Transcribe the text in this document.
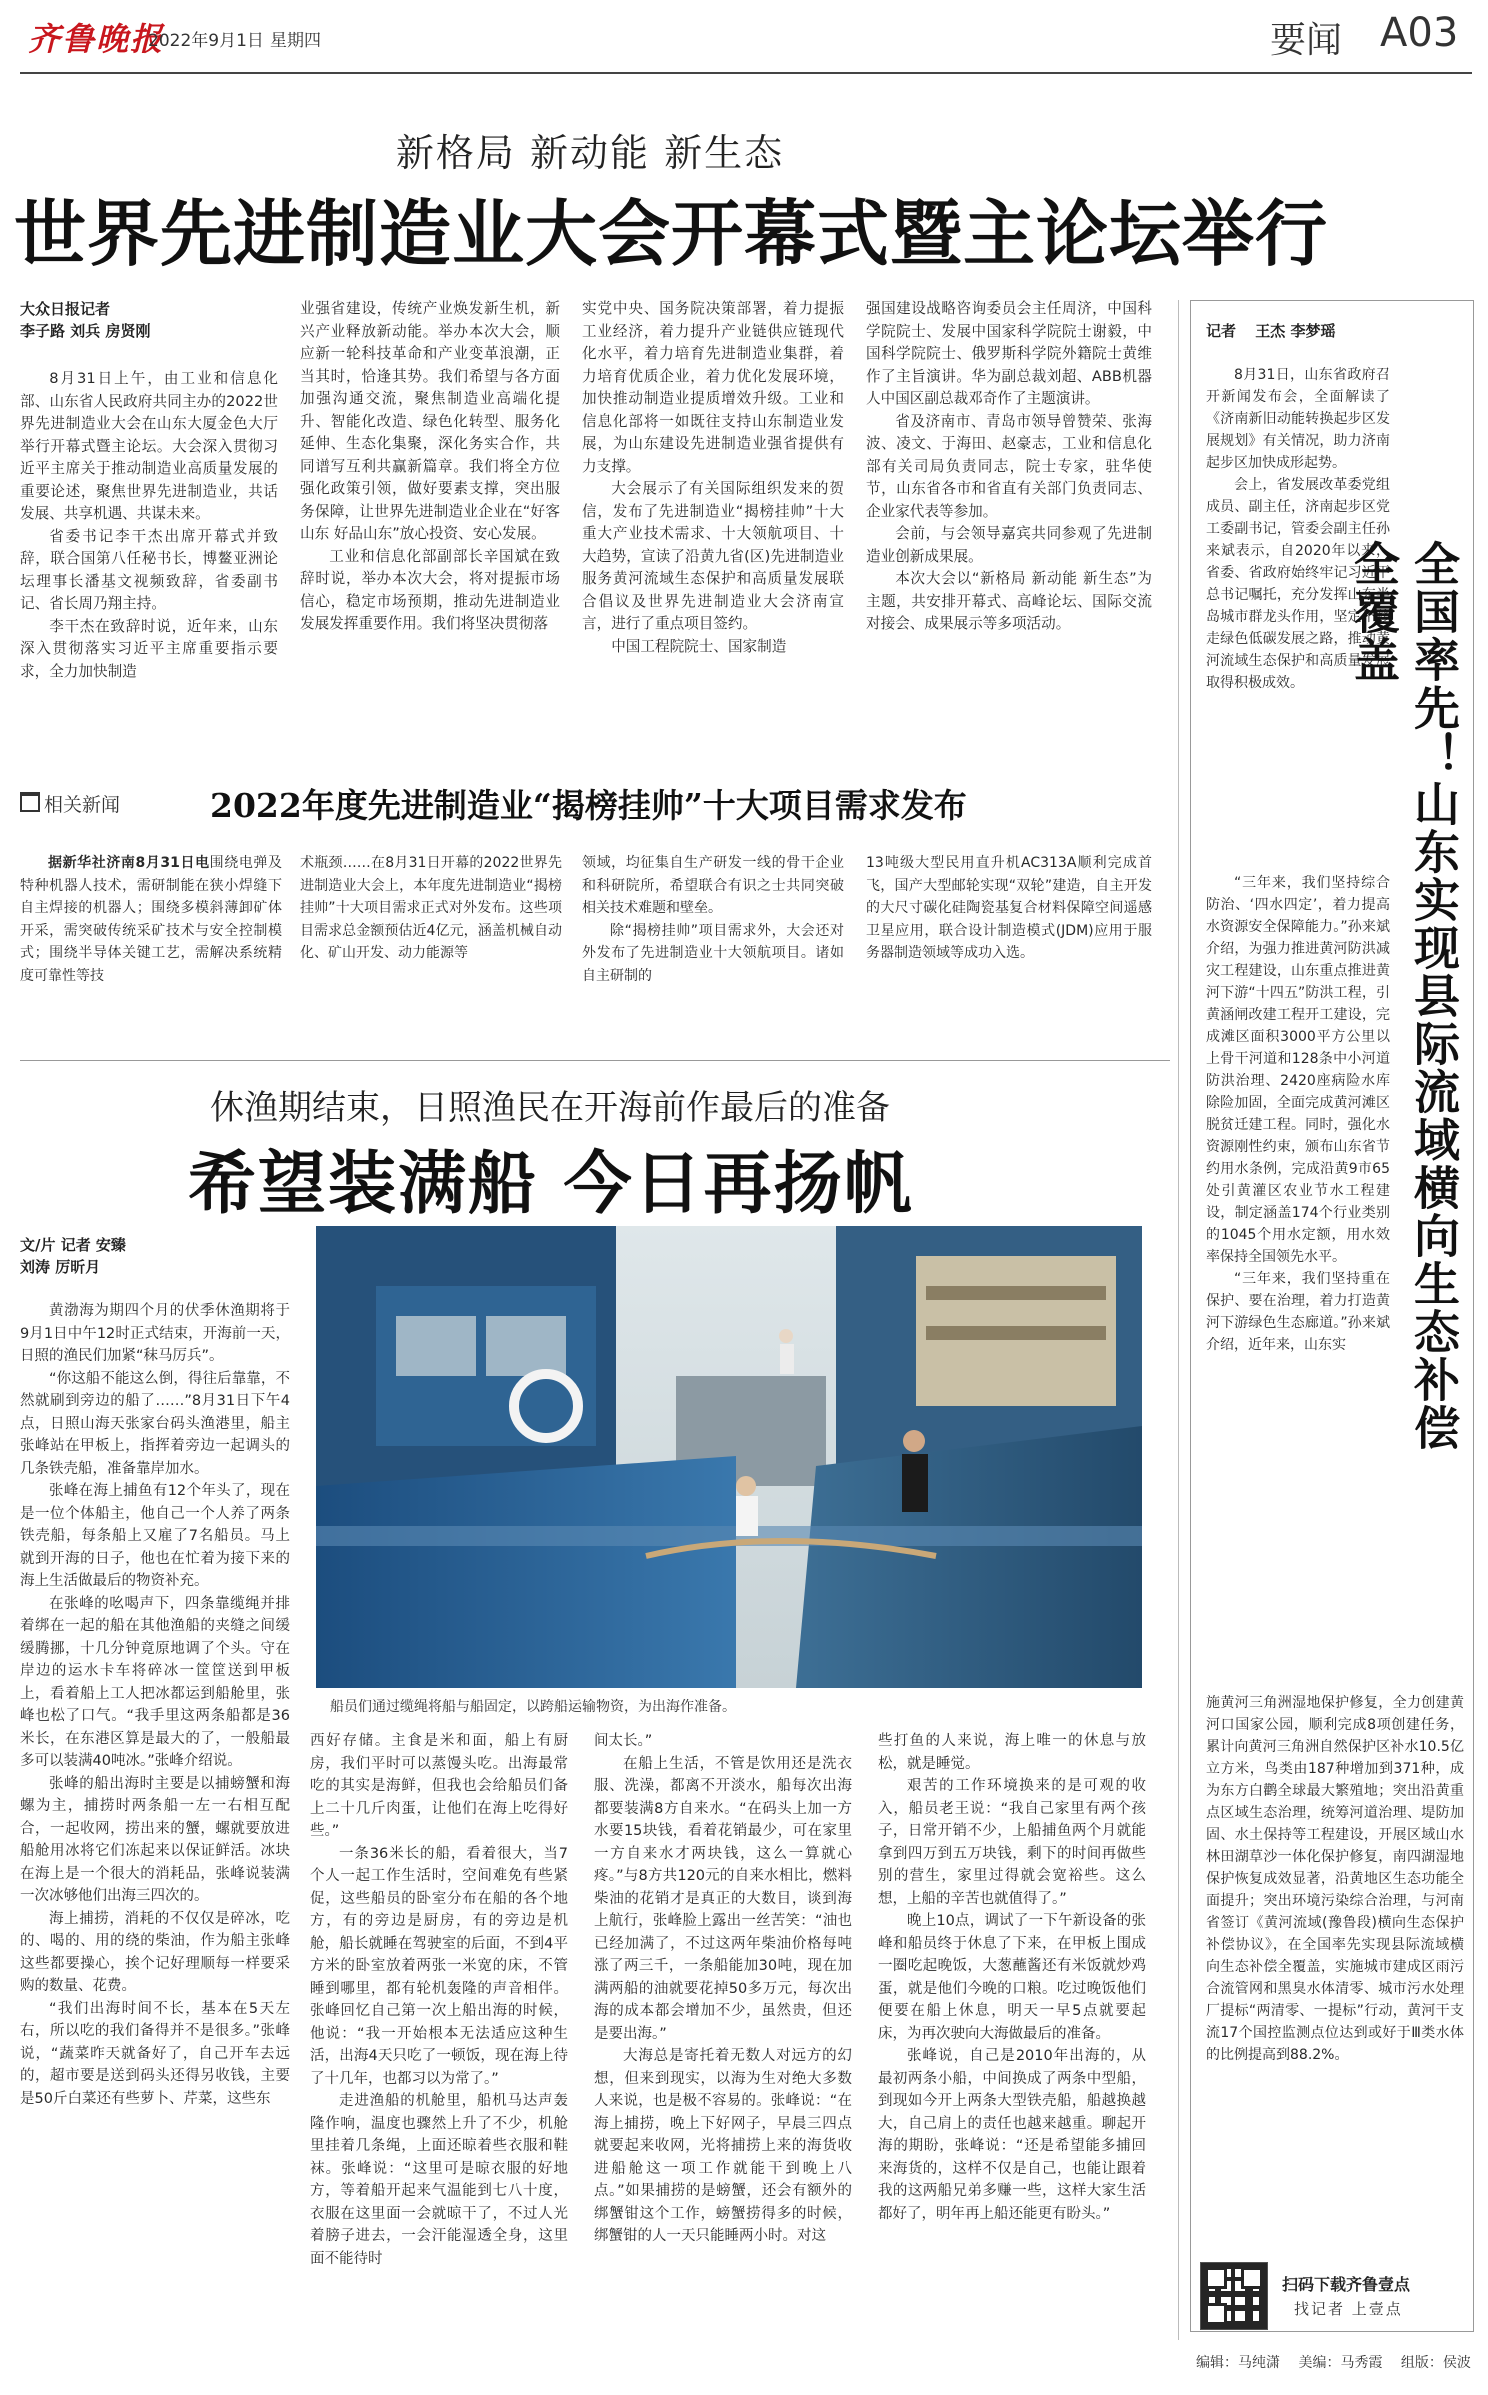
齐鲁晚报
2022年9月1日 星期四	要闻 A03
新格局 新动能 新生态
世界先进制造业大会开幕式暨主论坛举行
大众日报记者
李子路 刘兵 房贤刚

8月31日上午，由工业和信息化部、山东省人民政府共同主办的2022世界先进制造业大会在山东大厦金色大厅举行开幕式暨主论坛。大会深入贯彻习近平主席关于推动制造业高质量发展的重要论述，聚焦世界先进制造业，共话发展、共享机遇、共谋未来。

省委书记李干杰出席开幕式并致辞，联合国第八任秘书长，博鳌亚洲论坛理事长潘基文视频致辞，省委副书记、省长周乃翔主持。

李干杰在致辞时说，近年来，山东深入贯彻落实习近平主席重要指示要求，全力加快制造

业强省建设，传统产业焕发新生机，新兴产业释放新动能。举办本次大会，顺应新一轮科技革命和产业变革浪潮，正当其时，恰逢其势。我们希望与各方面加强沟通交流，聚焦制造业高端化提升、智能化改造、绿色化转型、服务化延伸、生态化集聚，深化务实合作，共同谱写互利共赢新篇章。我们将全方位强化政策引领，做好要素支撑，突出服务保障，让世界先进制造业企业在“好客山东 好品山东”放心投资、安心发展。

工业和信息化部副部长辛国斌在致辞时说，举办本次大会，将对提振市场信心，稳定市场预期，推动先进制造业发展发挥重要作用。我们将坚决贯彻落

实党中央、国务院决策部署，着力提振工业经济，着力提升产业链供应链现代化水平，着力培育先进制造业集群，着力培育优质企业，着力优化发展环境，加快推动制造业提质增效升级。工业和信息化部将一如既往支持山东制造业发展，为山东建设先进制造业强省提供有力支撑。

大会展示了有关国际组织发来的贺信，发布了先进制造业“揭榜挂帅”十大重大产业技术需求、十大领航项目、十大趋势，宣读了沿黄九省(区)先进制造业服务黄河流域生态保护和高质量发展联合倡议及世界先进制造业大会济南宣言，进行了重点项目签约。

中国工程院院士、国家制造

强国建设战略咨询委员会主任周济，中国科学院院士、发展中国家科学院院士谢毅，中国科学院院士、俄罗斯科学院外籍院士黄维作了主旨演讲。华为副总裁刘超、ABB机器人中国区副总裁邓奇作了主题演讲。

省及济南市、青岛市领导曾赞荣、张海波、凌文、于海田、赵豪志，工业和信息化部有关司局负责同志，院士专家，驻华使节，山东省各市和省直有关部门负责同志、企业家代表等参加。

会前，与会领导嘉宾共同参观了先进制造业创新成果展。

本次大会以“新格局 新动能 新生态”为主题，共安排开幕式、高峰论坛、国际交流对接会、成果展示等多项活动。

相关新闻	2022年度先进制造业“揭榜挂帅”十大项目需求发布

据新华社济南8月31日电围绕电弹及特种机器人技术，需研制能在狭小焊缝下自主焊接的机器人；围绕多模斜薄卸矿体开采，需突破传统采矿技术与安全控制模式；围绕半导体关键工艺，需解决系统精度可靠性等技

术瓶颈……在8月31日开幕的2022世界先进制造业大会上，本年度先进制造业“揭榜挂帅”十大项目需求正式对外发布。这些项目需求总金额预估近4亿元，涵盖机械自动化、矿山开发、动力能源等

领域，均征集自生产研发一线的骨干企业和科研院所，希望联合有识之士共同突破相关技术难题和壁垒。

除“揭榜挂帅”项目需求外，大会还对外发布了先进制造业十大领航项目。诸如自主研制的

13吨级大型民用直升机AC313A顺利完成首飞，国产大型邮轮实现“双轮”建造，自主开发的大尺寸碳化硅陶瓷基复合材料保障空间遥感卫星应用，联合设计制造模式(JDM)应用于服务器制造领域等成功入选。

记者 王杰 李梦瑶

8月31日，山东省政府召开新闻发布会，全面解读了《济南新旧动能转换起步区发展规划》有关情况，助力济南起步区加快成形起势。

会上，省发展改革委党组成员、副主任，济南起步区党工委副书记，管委会副主任孙来斌表示，自2020年以来，省委、省政府始终牢记习近平总书记嘱托，充分发挥山东半岛城市群龙头作用，坚定不移走绿色低碳发展之路，推动黄河流域生态保护和高质量发展取得积极成效。	全国率先！山东实现县际流域横向生态补偿全覆盖

“三年来，我们坚持综合防治、‘四水四定’，着力提高水资源安全保障能力。”孙来斌介绍，为强力推进黄河防洪减灾工程建设，山东重点推进黄河下游“十四五”防洪工程，引黄涵闸改建工程开工建设，完成滩区面积3000平方公里以上骨干河道和128条中小河道防洪治理、2420座病险水库除险加固，全面完成黄河滩区脱贫迁建工程。同时，强化水资源刚性约束，颁布山东省节约用水条例，完成沿黄9市65处引黄灌区农业节水工程建设，制定涵盖174个行业类别的1045个用水定额，用水效率保持全国领先水平。

“三年来，我们坚持重在保护、要在治理，着力打造黄河下游绿色生态廊道。”孙来斌介绍，近年来，山东实

施黄河三角洲湿地保护修复，全力创建黄河口国家公园，顺利完成8项创建任务，累计向黄河三角洲自然保护区补水10.5亿立方米，鸟类由187种增加到371种，成为东方白鹳全球最大繁殖地；突出沿黄重点区域生态治理，统筹河道治理、堤防加固、水土保持等工程建设，开展区域山水林田湖草沙一体化保护修复，南四湖湿地保护恢复成效显著，沿黄地区生态功能全面提升；突出环境污染综合治理，与河南省签订《黄河流域(豫鲁段)横向生态保护补偿协议》，在全国率先实现县际流域横向生态补偿全覆盖，实施城市建成区雨污合流管网和黑臭水体清零、城市污水处理厂提标“两清零、一提标”行动，黄河干支流17个国控监测点位达到或好于Ⅲ类水体的比例提高到88.2%。

扫码下载齐鲁壹点
找记者 上壹点
休渔期结束，日照渔民在开海前作最后的准备
希望装满船 今日再扬帆
文/片 记者 安臻
刘涛 厉昕月
船员们通过缆绳将船与船固定，以跨船运输物资，为出海作准备。

黄渤海为期四个月的伏季休渔期将于9月1日中午12时正式结束，开海前一天，日照的渔民们加紧“秣马厉兵”。

“你这船不能这么倒，得往后靠靠，不然就刷到旁边的船了……”8月31日下午4点，日照山海天张家台码头渔港里，船主张峰站在甲板上，指挥着旁边一起调头的几条铁壳船，准备靠岸加水。

张峰在海上捕鱼有12个年头了，现在是一位个体船主，他自己一个人养了两条铁壳船，每条船上又雇了7名船员。马上就到开海的日子，他也在忙着为接下来的海上生活做最后的物资补充。

在张峰的吆喝声下，四条靠缆绳并排着绑在一起的船在其他渔船的夹缝之间缓缓腾挪，十几分钟竟原地调了个头。守在岸边的运水卡车将碎冰一筐筐送到甲板上，看着船上工人把冰都运到船舱里，张峰也松了口气。“我手里这两条船都是36米长，在东港区算是最大的了，一般船最多可以装满40吨冰。”张峰介绍说。

张峰的船出海时主要是以捕螃蟹和海螺为主，捕捞时两条船一左一右相互配合，一起收网，捞出来的蟹，螺就要放进船舱用冰将它们冻起来以保证鲜活。冰块在海上是一个很大的消耗品，张峰说装满一次冰够他们出海三四次的。

海上捕捞，消耗的不仅仅是碎冰，吃的、喝的、用的绕的柴油，作为船主张峰这些都要操心，挨个记好理顺每一样要采购的数量、花费。

“我们出海时间不长，基本在5天左右，所以吃的我们备得并不是很多。”张峰说，“蔬菜昨天就备好了，自己开车去远的，超市要是送到码头还得另收钱，主要是50斤白菜还有些萝卜、芹菜，这些东

西好存储。主食是米和面，船上有厨房，我们平时可以蒸馒头吃。出海最常吃的其实是海鲜，但我也会给船员们备上二十几斤肉蛋，让他们在海上吃得好些。”

一条36米长的船，看着很大，当7个人一起工作生活时，空间难免有些紧促，这些船员的卧室分布在船的各个地方，有的旁边是厨房，有的旁边是机舱，船长就睡在驾驶室的后面，不到4平方米的卧室放着两张一米宽的床，不管睡到哪里，都有轮机轰隆的声音相伴。张峰回忆自己第一次上船出海的时候，他说：“我一开始根本无法适应这种生活，出海4天只吃了一顿饭，现在海上待了十几年，也都习以为常了。”

走进渔船的机舱里，船机马达声轰隆作响，温度也骤然上升了不少，机舱里挂着几条绳，上面还晾着些衣服和鞋袜。张峰说：“这里可是晾衣服的好地方，等着船开起来气温能到七八十度，衣服在这里面一会就晾干了，不过人光着膀子进去，一会汗能湿透全身，这里面不能待时

间太长。”

在船上生活，不管是饮用还是洗衣服、洗澡，都离不开淡水，船每次出海都要装满8方自来水。“在码头上加一方水要15块钱，看着花销最少，可在家里一方自来水才两块钱，这么一算就心疼。”与8方共120元的自来水相比，燃料柴油的花销才是真正的大数目，谈到海上航行，张峰脸上露出一丝苦笑：“油也已经加满了，不过这两年柴油价格每吨涨了两三千，一条船能加30吨，现在加满两船的油就要花掉50多万元，每次出海的成本都会增加不少，虽然贵，但还是要出海。”

大海总是寄托着无数人对远方的幻想，但来到现实，以海为生对绝大多数人来说，也是极不容易的。张峰说：“在海上捕捞，晚上下好网子，早晨三四点就要起来收网，光将捕捞上来的海货收进船舱这一项工作就能干到晚上八点。”如果捕捞的是螃蟹，还会有额外的绑蟹钳这个工作，螃蟹捞得多的时候，绑蟹钳的人一天只能睡两小时。对这

些打鱼的人来说，海上唯一的休息与放松，就是睡觉。

艰苦的工作环境换来的是可观的收入，船员老王说：“我自己家里有两个孩子，日常开销不少，上船捕鱼两个月就能拿到四万到五万块钱，剩下的时间再做些别的营生，家里过得就会宽裕些。这么想，上船的辛苦也就值得了。”

晚上10点，调试了一下午新设备的张峰和船员终于休息了下来，在甲板上围成一圈吃起晚饭，大葱蘸酱还有米饭就炒鸡蛋，就是他们今晚的口粮。吃过晚饭他们便要在船上休息，明天一早5点就要起床，为再次驶向大海做最后的准备。

张峰说，自己是2010年出海的，从最初两条小船，中间换成了两条中型船，到现如今开上两条大型铁壳船，船越换越大，自己肩上的责任也越来越重。聊起开海的期盼，张峰说：“还是希望能多捕回来海货的，这样不仅是自己，也能让跟着我的这两船兄弟多赚一些，这样大家生活都好了，明年再上船还能更有盼头。”

编辑：马纯潇 美编：马秀霞 组版：侯波
